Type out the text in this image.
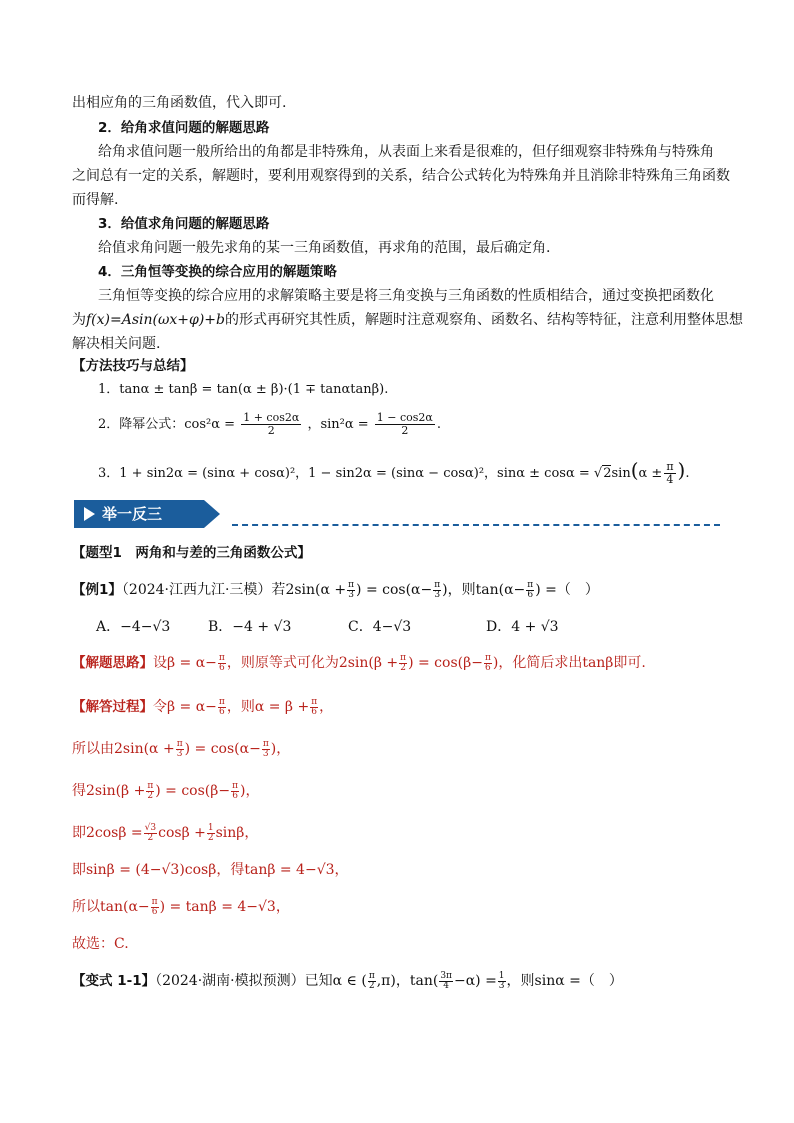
出相应角的三角函数值，代入即可.
2．给角求值问题的解题思路
给角求值问题一般所给出的角都是非特殊角，从表面上来看是很难的，但仔细观察非特殊角与特殊角
之间总有一定的关系，解题时，要利用观察得到的关系，结合公式转化为特殊角并且消除非特殊角三角函数
而得解.
3．给值求角问题的解题思路
给值求角问题一般先求角的某一三角函数值，再求角的范围，最后确定角.
4．三角恒等变换的综合应用的解题策略
三角恒等变换的综合应用的求解策略主要是将三角变换与三角函数的性质相结合，通过变换把函数化
为f(x)=Asin(ωx+φ)+b的形式再研究其性质，解题时注意观察角、函数名、结构等特征，注意利用整体思想
解决相关问题.
【方法技巧与总结】
1．tanα ± tanβ = tan(α ± β)·(1 ∓ tanαtanβ).
2．降幂公式：$\cos^2\alpha = \frac{1 + \cos 2\alpha}{2}$ ，$\sin^2\alpha = \frac{1 - \cos 2\alpha}{2}$ .
3．1 + sin2α = (sinα + cosα)²，1 − sin2α = (sinα − cosα)²，$\sin\alpha \pm \cos\alpha = √2\sin(\alpha \pm \frac{\pi}{4}$ ).
举一反三
【题型1　两角和与差的三角函数公式】
【例1】（2024·江西九江·三模）若$2\sin(\alpha + \frac{\pi}{3}$ ) = $\cos(\alpha- \frac{\pi}{3}$ )，则$\tan(\alpha- \frac{\pi}{6}$ ) =（　）
A．−4−√3	B．−4 + √3	C．4−√3	D．4 + √3
【解题思路】设$\beta = \alpha- \frac{\pi}{6}$ ，则原等式可化为$2\sin(\beta + \frac{\pi}{2}$ ) = $\cos(\beta- \frac{\pi}{6}$ )，化简后求出tanβ即可.
【解答过程】令$\beta = \alpha- \frac{\pi}{6}$ ，则$\alpha = \beta + \frac{\pi}{6}$ ，
所以由$2\sin(\alpha + \frac{\pi}{3}$ ) = $\cos(\alpha- \frac{\pi}{3}$ )，
得$2\sin(\beta + \frac{\pi}{2}$ ) = $\cos(\beta- \frac{\pi}{6}$ )，
即$2\cos\beta = \frac{√3}{2}$ $\cos\beta + \frac{1}{2}$ sinβ，
即sinβ = (4−√3)cosβ，得tanβ = 4−√3，
所以$\tan(\alpha- \frac{\pi}{6}$ ) = tanβ = 4−√3，
故选：C.
【变式 1-1】（2024·湖南·模拟预测）已知α ∈ ( $\frac{\pi}{2} ,\pi$)，$\tan( \frac{3\pi}{4} -\alpha) = \frac{1}{3}$ ，则sinα =（　）
